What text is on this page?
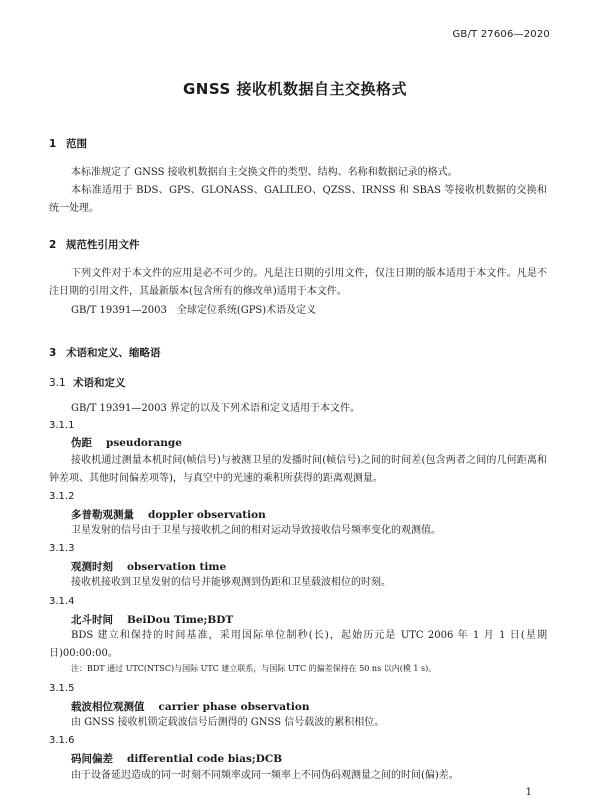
GB/T 27606—2020
GNSS 接收机数据自主交换格式
1 范围

本标准规定了 GNSS 接收机数据自主交换文件的类型、结构、名称和数据记录的格式。

本标准适用于 BDS、GPS、GLONASS、GALILEO、QZSS、IRNSS 和 SBAS 等接收机数据的交换和统一处理。

2 规范性引用文件

下列文件对于本文件的应用是必不可少的。凡是注日期的引用文件，仅注日期的版本适用于本文件。凡是不注日期的引用文件，其最新版本(包含所有的修改单)适用于本文件。

GB/T 19391—2003　全球定位系统(GPS)术语及定义

3 术语和定义、缩略语
3.1 术语和定义

GB/T 19391—2003 界定的以及下列术语和定义适用于本文件。

3.1.1
伪距 pseudorange

接收机通过测量本机时间(帧信号)与被测卫星的发播时间(帧信号)之间的时间差(包含两者之间的几何距离和钟差项、其他时间偏差项等)，与真空中的光速的乘积所获得的距离观测量。

3.1.2
多普勒观测量 doppler observation

卫星发射的信号由于卫星与接收机之间的相对运动导致接收信号频率变化的观测值。

3.1.3
观测时刻 observation time

接收机接收到卫星发射的信号并能够观测到伪距和卫星载波相位的时刻。

3.1.4
北斗时间 BeiDou Time;BDT

BDS 建立和保持的时间基准，采用国际单位制秒(长)，起始历元是 UTC 2006 年 1 月 1 日(星期日)00:00:00。

注：BDT 通过 UTC(NTSC)与国际 UTC 建立联系，与国际 UTC 的偏差保持在 50 ns 以内(模 1 s)。
3.1.5
载波相位观测值 carrier phase observation

由 GNSS 接收机锁定载波信号后测得的 GNSS 信号载波的累积相位。

3.1.6
码间偏差 differential code bias;DCB

由于设备延迟造成的同一时刻不同频率或同一频率上不同伪码观测量之间的时间(偏)差。

1
